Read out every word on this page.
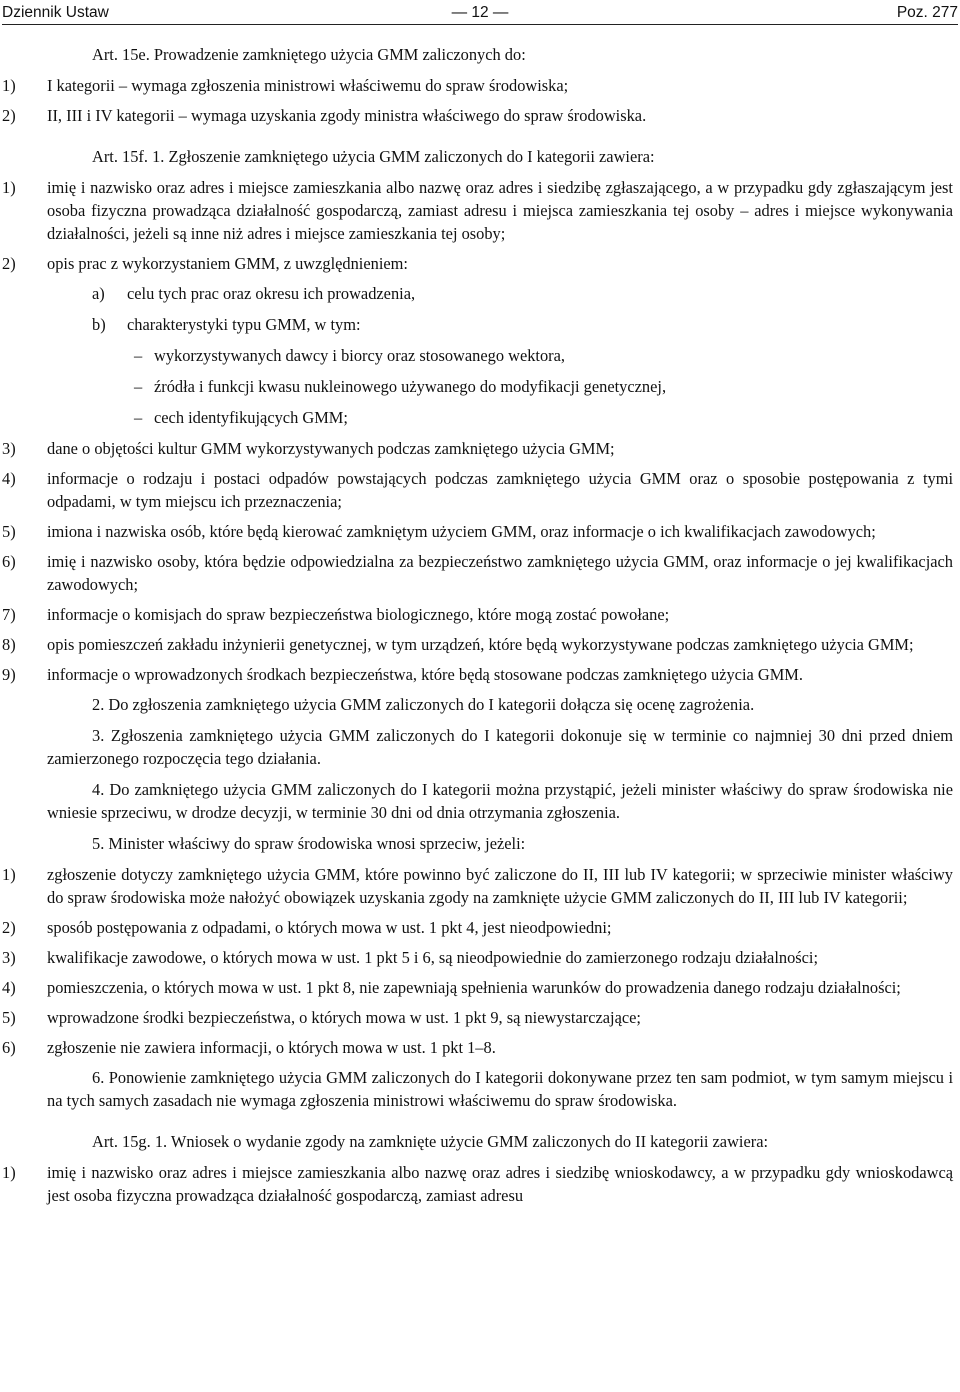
Dziennik Ustaw	— 12 —	Poz. 277
Art. 15e. Prowadzenie zamkniętego użycia GMM zaliczonych do:
1)	I kategorii – wymaga zgłoszenia ministrowi właściwemu do spraw środowiska;
2)	II, III i IV kategorii – wymaga uzyskania zgody ministra właściwego do spraw środowiska.
Art. 15f. 1. Zgłoszenie zamkniętego użycia GMM zaliczonych do I kategorii zawiera:
1)	imię i nazwisko oraz adres i miejsce zamieszkania albo nazwę oraz adres i siedzibę zgłaszającego, a w przypadku gdy zgłaszającym jest osoba fizyczna prowadząca działalność gospodarczą, zamiast adresu i miejsca zamieszkania tej osoby – adres i miejsce wykonywania działalności, jeżeli są inne niż adres i miejsce zamieszkania tej osoby;
2)	opis prac z wykorzystaniem GMM, z uwzględnieniem:
a)	celu tych prac oraz okresu ich prowadzenia,
b)	charakterystyki typu GMM, w tym:
– wykorzystywanych dawcy i biorcy oraz stosowanego wektora,
– źródła i funkcji kwasu nukleinowego używanego do modyfikacji genetycznej,
– cech identyfikujących GMM;
3)	dane o objętości kultur GMM wykorzystywanych podczas zamkniętego użycia GMM;
4)	informacje o rodzaju i postaci odpadów powstających podczas zamkniętego użycia GMM oraz o sposobie postępowania z tymi odpadami, w tym miejscu ich przeznaczenia;
5)	imiona i nazwiska osób, które będą kierować zamkniętym użyciem GMM, oraz informacje o ich kwalifikacjach zawodowych;
6)	imię i nazwisko osoby, która będzie odpowiedzialna za bezpieczeństwo zamkniętego użycia GMM, oraz informacje o jej kwalifikacjach zawodowych;
7)	informacje o komisjach do spraw bezpieczeństwa biologicznego, które mogą zostać powołane;
8)	opis pomieszczeń zakładu inżynierii genetycznej, w tym urządzeń, które będą wykorzystywane podczas zamkniętego użycia GMM;
9)	informacje o wprowadzonych środkach bezpieczeństwa, które będą stosowane podczas zamkniętego użycia GMM.
2. Do zgłoszenia zamkniętego użycia GMM zaliczonych do I kategorii dołącza się ocenę zagrożenia.
3. Zgłoszenia zamkniętego użycia GMM zaliczonych do I kategorii dokonuje się w terminie co najmniej 30 dni przed dniem zamierzonego rozpoczęcia tego działania.
4. Do zamkniętego użycia GMM zaliczonych do I kategorii można przystąpić, jeżeli minister właściwy do spraw środowiska nie wniesie sprzeciwu, w drodze decyzji, w terminie 30 dni od dnia otrzymania zgłoszenia.
5. Minister właściwy do spraw środowiska wnosi sprzeciw, jeżeli:
1)	zgłoszenie dotyczy zamkniętego użycia GMM, które powinno być zaliczone do II, III lub IV kategorii; w sprzeciwie minister właściwy do spraw środowiska może nałożyć obowiązek uzyskania zgody na zamknięte użycie GMM zaliczonych do II, III lub IV kategorii;
2)	sposób postępowania z odpadami, o których mowa w ust. 1 pkt 4, jest nieodpowiedni;
3)	kwalifikacje zawodowe, o których mowa w ust. 1 pkt 5 i 6, są nieodpowiednie do zamierzonego rodzaju działalności;
4)	pomieszczenia, o których mowa w ust. 1 pkt 8, nie zapewniają spełnienia warunków do prowadzenia danego rodzaju działalności;
5)	wprowadzone środki bezpieczeństwa, o których mowa w ust. 1 pkt 9, są niewystarczające;
6)	zgłoszenie nie zawiera informacji, o których mowa w ust. 1 pkt 1–8.
6. Ponowienie zamkniętego użycia GMM zaliczonych do I kategorii dokonywane przez ten sam podmiot, w tym samym miejscu i na tych samych zasadach nie wymaga zgłoszenia ministrowi właściwemu do spraw środowiska.
Art. 15g. 1. Wniosek o wydanie zgody na zamknięte użycie GMM zaliczonych do II kategorii zawiera:
1)	imię i nazwisko oraz adres i miejsce zamieszkania albo nazwę oraz adres i siedzibę wnioskodawcy, a w przypadku gdy wnioskodawcą jest osoba fizyczna prowadząca działalność gospodarczą, zamiast adresu
